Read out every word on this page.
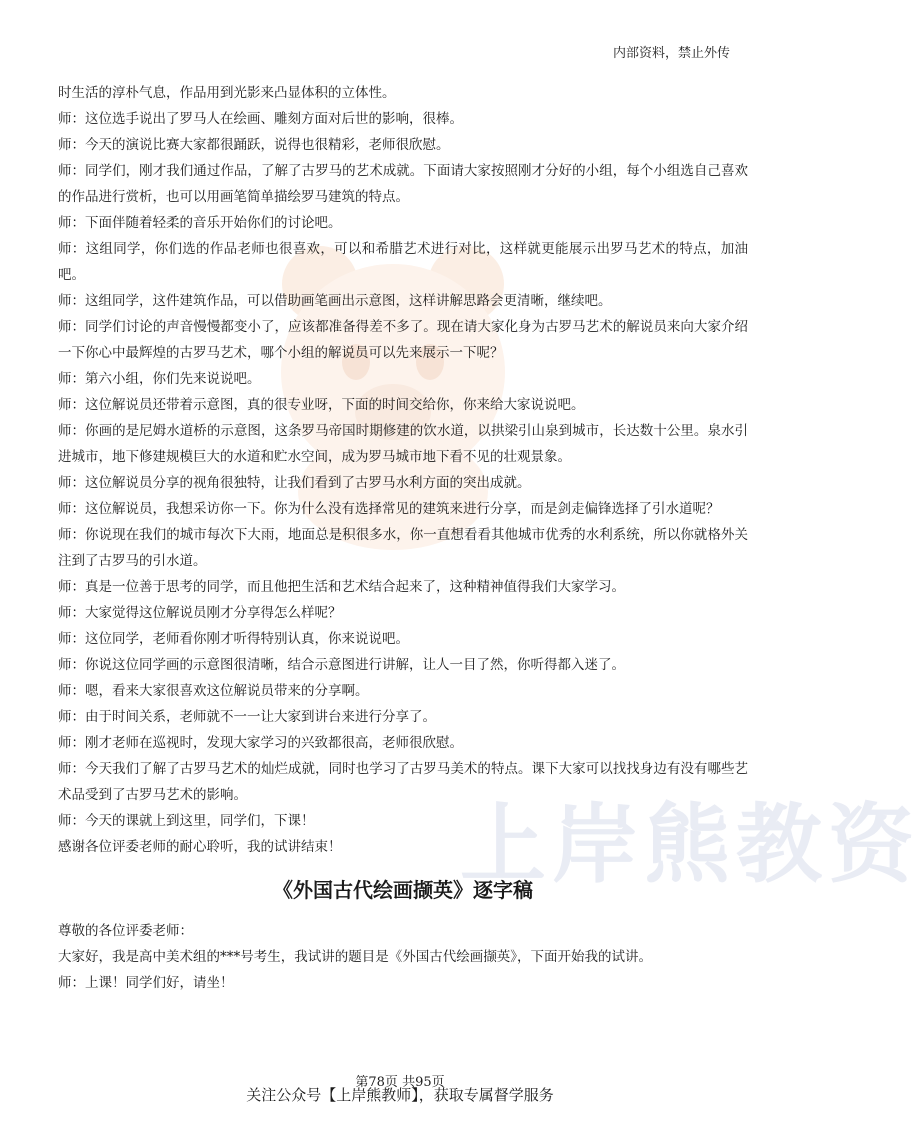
上岸熊教资
内部资料，禁止外传

时生活的淳朴气息，作品用到光影来凸显体积的立体性。

师：这位选手说出了罗马人在绘画、雕刻方面对后世的影响，很棒。

师：今天的演说比赛大家都很踊跃，说得也很精彩，老师很欣慰。

师：同学们，刚才我们通过作品，了解了古罗马的艺术成就。下面请大家按照刚才分好的小组，每个小组选自己喜欢的作品进行赏析，也可以用画笔简单描绘罗马建筑的特点。

师：下面伴随着轻柔的音乐开始你们的讨论吧。

师：这组同学，你们选的作品老师也很喜欢，可以和希腊艺术进行对比，这样就更能展示出罗马艺术的特点，加油吧。

师：这组同学，这件建筑作品，可以借助画笔画出示意图，这样讲解思路会更清晰，继续吧。

师：同学们讨论的声音慢慢都变小了，应该都准备得差不多了。现在请大家化身为古罗马艺术的解说员来向大家介绍一下你心中最辉煌的古罗马艺术，哪个小组的解说员可以先来展示一下呢？

师：第六小组，你们先来说说吧。

师：这位解说员还带着示意图，真的很专业呀，下面的时间交给你，你来给大家说说吧。

师：你画的是尼姆水道桥的示意图，这条罗马帝国时期修建的饮水道，以拱梁引山泉到城市，长达数十公里。泉水引进城市，地下修建规模巨大的水道和贮水空间，成为罗马城市地下看不见的壮观景象。

师：这位解说员分享的视角很独特，让我们看到了古罗马水利方面的突出成就。

师：这位解说员，我想采访你一下。你为什么没有选择常见的建筑来进行分享，而是剑走偏锋选择了引水道呢？

师：你说现在我们的城市每次下大雨，地面总是积很多水，你一直想看看其他城市优秀的水利系统，所以你就格外关注到了古罗马的引水道。

师：真是一位善于思考的同学，而且他把生活和艺术结合起来了，这种精神值得我们大家学习。

师：大家觉得这位解说员刚才分享得怎么样呢？

师：这位同学，老师看你刚才听得特别认真，你来说说吧。

师：你说这位同学画的示意图很清晰，结合示意图进行讲解，让人一目了然，你听得都入迷了。

师：嗯，看来大家很喜欢这位解说员带来的分享啊。

师：由于时间关系，老师就不一一让大家到讲台来进行分享了。

师：刚才老师在巡视时，发现大家学习的兴致都很高，老师很欣慰。

师：今天我们了解了古罗马艺术的灿烂成就，同时也学习了古罗马美术的特点。课下大家可以找找身边有没有哪些艺术品受到了古罗马艺术的影响。

师：今天的课就上到这里，同学们，下课！

感谢各位评委老师的耐心聆听，我的试讲结束！

《外国古代绘画撷英》逐字稿

尊敬的各位评委老师：

大家好，我是高中美术组的***号考生，我试讲的题目是《外国古代绘画撷英》，下面开始我的试讲。

师：上课！同学们好，请坐！

第78页 共95页
关注公众号【上岸熊教师】，获取专属督学服务
